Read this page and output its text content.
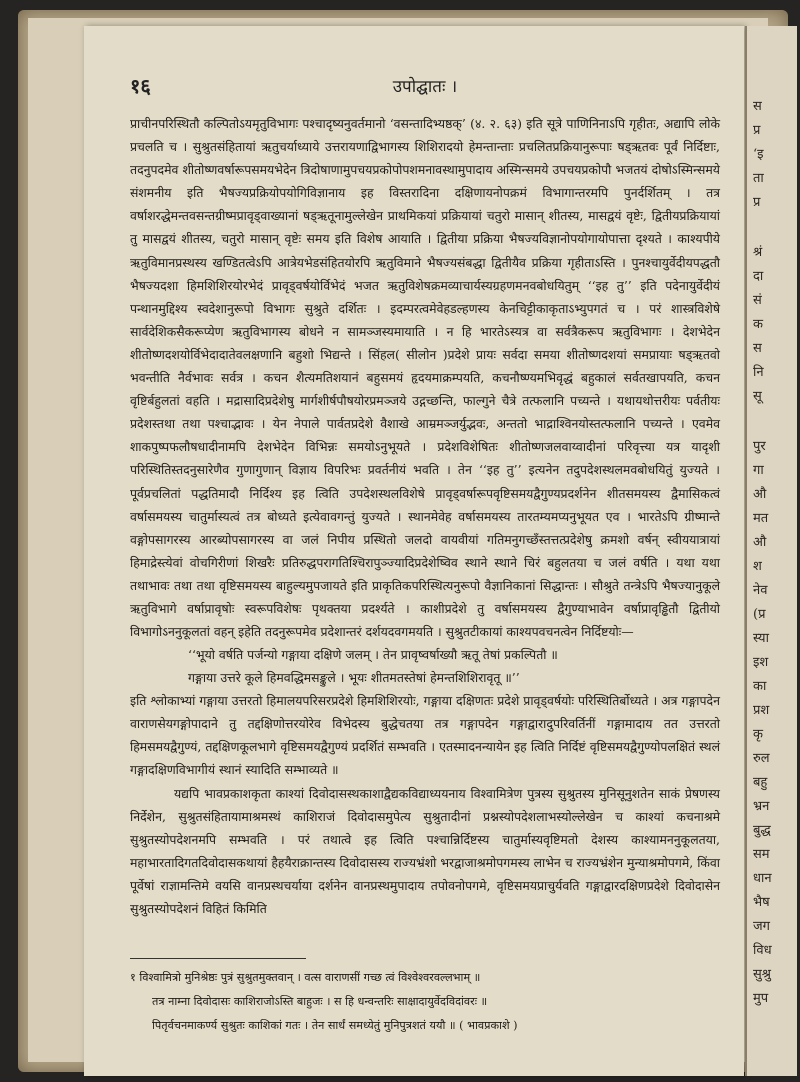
१६	उपोद्घातः ।

प्राचीनपरिस्थितौ कल्पितोऽयमृतुविभागः पश्चादृष्यनुवर्तमानो ‘वसन्तादिभ्यष्ठक्’ (४. २. ६३) इति सूत्रे पाणिनिनाऽपि गृहीतः, अद्यापि लोके प्रचलति च । सुश्रुतसंहितायां ऋतुचर्याध्याये उत्तरायणाद्विभागस्य शिशिरादयो हेमन्तान्ताः प्रचलितप्रक्रियानुरूपाः षड्ऋतवः पूर्वं निर्दिष्टाः, तदनुपदमेव शीतोष्णवर्षारूपसमयभेदेन त्रिदोषाणामुपचयप्रकोपोपशमनावस्थामुपादाय अस्मिन्समये उपचयप्रकोपौ भजतयं दोषोऽस्मिन्समये संशमनीय इति भैषज्यप्रक्रियोपयोगिविज्ञानाय इह विस्तरादिना दक्षिणायनोपक्रमं विभागान्तरमपि पुनर्दर्शितम् । तत्र वर्षाशरद्धेमन्तवसन्तग्रीष्मप्रावृड्वाख्यानां षड्ऋतूनामुल्लेखेन प्राथमिकयां प्रक्रियायां चतुरो मासान् शीतस्य, मासद्वयं वृष्टेः, द्वितीयप्रक्रियायां तु मासद्वयं शीतस्य, चतुरो मासान् वृष्टेः समय इति विशेष आयाति । द्वितीया प्रक्रिया भैषज्यविज्ञानोपयोगायोपात्ता दृश्यते । काश्यपीये ऋतुविमानप्रस्थस्य खण्डितत्वेऽपि आत्रेयभेडसंहितयोरपि ऋतुविमाने भैषज्यसंबद्धा द्वितीयैव प्रक्रिया गृहीताऽस्ति । पुनश्चायुर्वेदीयपद्धतौ भैषज्यदशा हिमशिशिरयोरभेदं प्रावृड्वर्षयोर्विभेदं भजत ऋतुविशेषक्रमव्याचार्यस्यग्रहणमनवबोधयितुम् ‘‘इह तु’’ इति पदेनायुर्वेदीयं पन्थानमुद्दिश्य स्वदेशानुरूपो विभागः सुश्रुते दर्शितः । इदम्परत्वमेवेहडल्हणस्य केनचिट्टीकाकृताऽभ्युपगतं च । परं शास्त्रविशेषे सार्वदेशिकसैकरूप्येण ऋतुविभागस्य बोधने न सामञ्जस्यमायाति । न हि भारतेऽस्यत्र वा सर्वत्रैकरूप ऋतुविभागः । देशभेदेन शीतोष्णदशयोर्विभेदादातेवलक्षणानि बहुशो भिद्यन्ते । सिंहल( सीलोन )प्रदेशे प्रायः सर्वदा समया शीतोष्णदशयां समप्रायाः षड्ऋतवो भवन्तीति नैर्वभावः सर्वत्र । कचन शैत्यमतिशयानं बहुसमयं हृदयमाक्रम्पयति, कचनौष्ण्यमभिवृद्धं बहुकालं सर्वतखापयति, कचन वृष्टिर्बहुलतां वहति । मद्रासादिप्रदेशेषु मार्गशीर्षपौषयोरप्रमञ्जये उद्गच्छन्ति, फाल्गुने चैत्रे तत्फलानि पच्यन्ते । यथायथोत्तरीयः पर्वतीयः प्रदेशस्तथा तथा पश्चाद्भावः । येन नेपाले पार्वतप्रदेशे वैशाखे आम्रमञ्जर्युद्भवः, अन्ततो भाद्राश्विनयोस्तत्फलानि पच्यन्ते । एवमेव शाकपुष्पफलौषधादीनामपि देशभेदेन विभिन्नः समयोऽनुभूयते । प्रदेशविशेषितः शीतोष्णजलवाय्वादीनां परिवृत्त्या यत्र यादृशी परिस्थितिस्तदनुसारेणैव गुणागुणान् विज्ञाय विपरिभः प्रवर्तनीयं भवति । तेन ‘‘इह तु’’ इत्यनेन तदुपदेशस्थलमवबोधयितुं युज्यते । पूर्वप्रचलितां पद्धतिमादौ निर्दिश्य इह त्विति उपदेशस्थलविशेषे प्रावृड्वर्षारूपवृष्टिसमयद्वैगुण्यप्रदर्शनेन शीतसमयस्य द्वैमासिकत्वं वर्षासमयस्य चातुर्मास्यत्वं तत्र बोध्यते इत्येवावगन्तुं युज्यते । स्थानमेवेह वर्षासमयस्य तारतम्यमप्यनुभूयत एव । भारतेऽपि ग्रीष्मान्ते वङ्गोपसागरस्य आरब्योपसागरस्य वा जलं निपीय प्रस्थितो जलदो वायवीयां गतिमनुगच्छँस्तत्तत्प्रदेशेषु क्रमशो वर्षन् स्वीययात्रायां हिमाद्रेस्त्येवां वोचगिरीणां शिखरैः प्रतिरुद्धपरागतिश्चिरापुञ्ज्यादिप्रदेशेष्विव स्थाने स्थाने चिरं बहुलतया च जलं वर्षति । यथा यथा तथाभावः तथा तथा वृष्टिसमयस्य बाहुल्यमुपजायते इति प्राकृतिकपरिस्थित्यनुरूपो वैज्ञानिकानां सिद्धान्तः । सौश्रुते तन्त्रेऽपि भैषज्यानुकूले ऋतुविभागे वर्षाप्रावृषोः स्वरूपविशेषः पृथक्तया प्रदर्श्यते । काशीप्रदेशे तु वर्षासमयस्य द्वैगुण्याभावेन वर्षाप्रावृड्ढितौ द्वितीयो विभागोऽननुकूलतां वहन् इहेति तदनुरूपमेव प्रदेशान्तरं दर्शयदवगमयति । सुश्रुतटीकायां काश्यपवचनत्वेन निर्दिष्टयोः—

‘‘भूयो वर्षति पर्जन्यो गङ्गाया दक्षिणे जलम् । तेन प्रावृष्वर्षाख्यौ ऋतू तेषां प्रकल्पितौ ॥
गङ्गाया उत्तरे कूले हिमवद्धिमसङ्कुले । भूयः शीतमतस्तेषां हेमन्तशिशिरावृतू ॥’’

इति श्लोकाभ्यां गङ्गाया उत्तरतो हिमालयपरिसरप्रदेशे हिमशिशिरयोः, गङ्गाया दक्षिणतः प्रदेशे प्रावृड्वर्षयोः परिस्थितिर्बोध्यते । अत्र गङ्गापदेन वाराणसेयगङ्गोपादाने तु तद्दक्षिणोत्तरयोरेव विभेदस्य बुद्धेचतया तत्र गङ्गापदेन गङ्गाद्वारादुपरिवर्तिनीं गङ्गामादाय तत उत्तरतो हिमसमयद्वैगुण्यं, तद्दक्षिणकूलभागे वृष्टिसमयद्वैगुण्यं प्रदर्शितं सम्भवति । एतस्मादनन्यायेन इह त्विति निर्दिष्टं वृष्टिसमयद्वैगुण्योपलक्षितं स्थलं गङ्गादक्षिणविभागीयं स्थानं स्यादिति सम्भाव्यते ॥

यद्यपि भावप्रकाशकृता काश्यां दिवोदासस्थकाशाद्वैद्यकविद्याध्ययनाय विश्वामित्रेण पुत्रस्य सुश्रुतस्य मुनिसूनुशतेन साकं प्रेषणस्य निर्देशेन, सुश्रुतसंहितायामाश्रमस्थं काशिराजं दिवोदासमुपेत्य सुश्रुतादीनां प्रश्नस्योपदेशलाभस्योल्लेखेन च काश्यां कचनाश्रमे सुश्रुतस्योपदेशनमपि सम्भवति । परं तथात्वे इह त्विति पश्चान्निर्दिष्टस्य चातुर्मास्यवृष्टिमतो देशस्य काश्यामननुकूलतया, महाभारतादिगतदिवोदासकथायां हैहयैराक्रान्तस्य दिवोदासस्य राज्यभ्रंशो भरद्वाजाश्रमोपगमस्य लाभेन च राज्यभ्रंशेन मुन्याश्रमोपगमे, किंवा पूर्वेषां राज्ञामन्तिमे वयसि वानप्रस्थचर्याया दर्शनेन वानप्रस्थमुपादाय तपोवनोपगमे, वृष्टिसमयप्राचुर्यवति गङ्गाद्वारदक्षिणप्रदेशे दिवोदासेन सुश्रुतस्योपदेशनं विहितं किमिति

१ विश्वामित्रो मुनिश्रेष्ठः पुत्रं सुश्रुतमुक्तवान् । वत्स वाराणसीं गच्छ त्वं विश्वेश्वरवल्लभाम् ॥
तत्र नाम्ना दिवोदासः काशिराजोऽस्ति बाहुजः । स हि धन्वन्तरिः साक्षादायुर्वेदविदांवरः ॥
पितृर्वचनमाकर्ण्य सुश्रुतः काशिकां गतः । तेन सार्धं समध्येतुं मुनिपुत्रशतं ययौ ॥ ( भावप्रकाशे )
स
प्र
‘इ
ता
प्र
श्रं
दा
सं
क
स
नि
सू
पुर
गा
औ
मत
औ
श
नेव
(प्र
स्या
इश
का
प्रश
कृ
रुल
बहु
भ्रन
बुद्ध
सम
धान
भैष
जग
विध
सुश्रु
मुप
